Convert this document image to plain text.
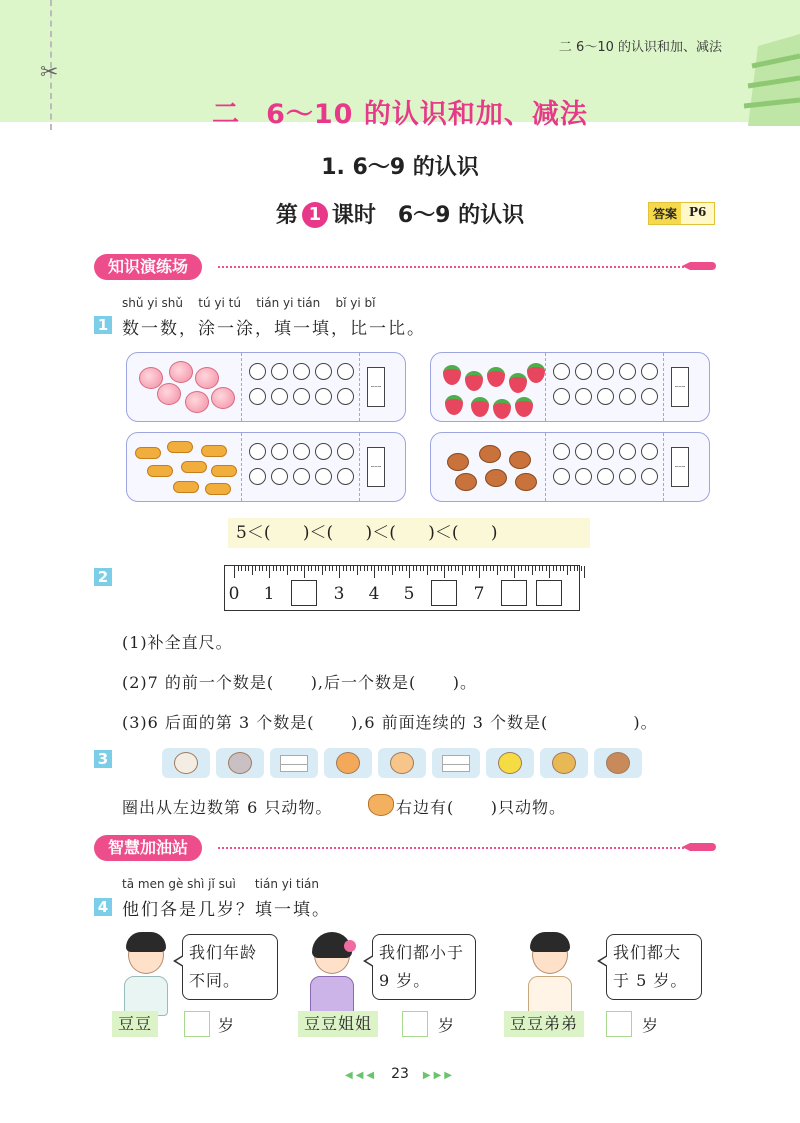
✂
二 6～10 的认识和加、减法
二 6～10 的认识和加、减法
1. 6～9 的认识
第 1 课时　6～9 的认识	答案	P6
知识演练场
shǔ yi shǔ    tú yi tú    tián yi tián    bǐ yi bǐ
1 数一数，涂一涂，填一填，比一比。
5＜(      )＜(      )＜(      )＜(      )
2
0 1	3 4 5	7
(1)补全直尺。
(2)7 的前一个数是(      ),后一个数是(      )。
(3)6 后面的第 3 个数是(      ),6 前面连续的 3 个数是(              )。
3
圈出从左边数第 6 只动物。	右边有(      )只动物。
智慧加油站
tā men gè shì jǐ suì     tián yi tián
4 他们各是几岁？填一填。
我们年龄
不同。
豆豆	岁
我们都小于
9 岁。
豆豆姐姐	岁
我们都大
于 5 岁。
豆豆弟弟	岁
◀◀◀ 23 ▶▶▶
